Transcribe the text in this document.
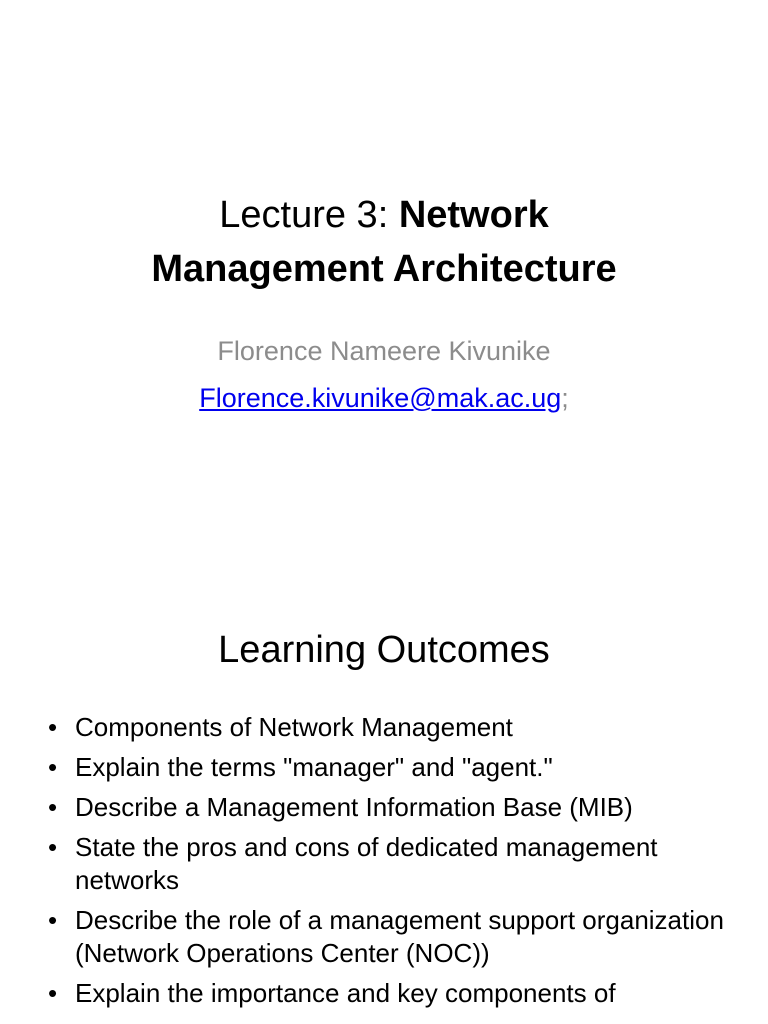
Lecture 3: Network
Management Architecture
Florence Nameere Kivunike
Florence.kivunike@mak.ac.ug;
Learning Outcomes
• Components of Network Management
• Explain the terms "manager" and "agent."
• Describe a Management Information Base (MIB)
• State the pros and cons of dedicated management networks
• Describe the role of a management support organization (Network Operations Center (NOC))
• Explain the importance and key components of
